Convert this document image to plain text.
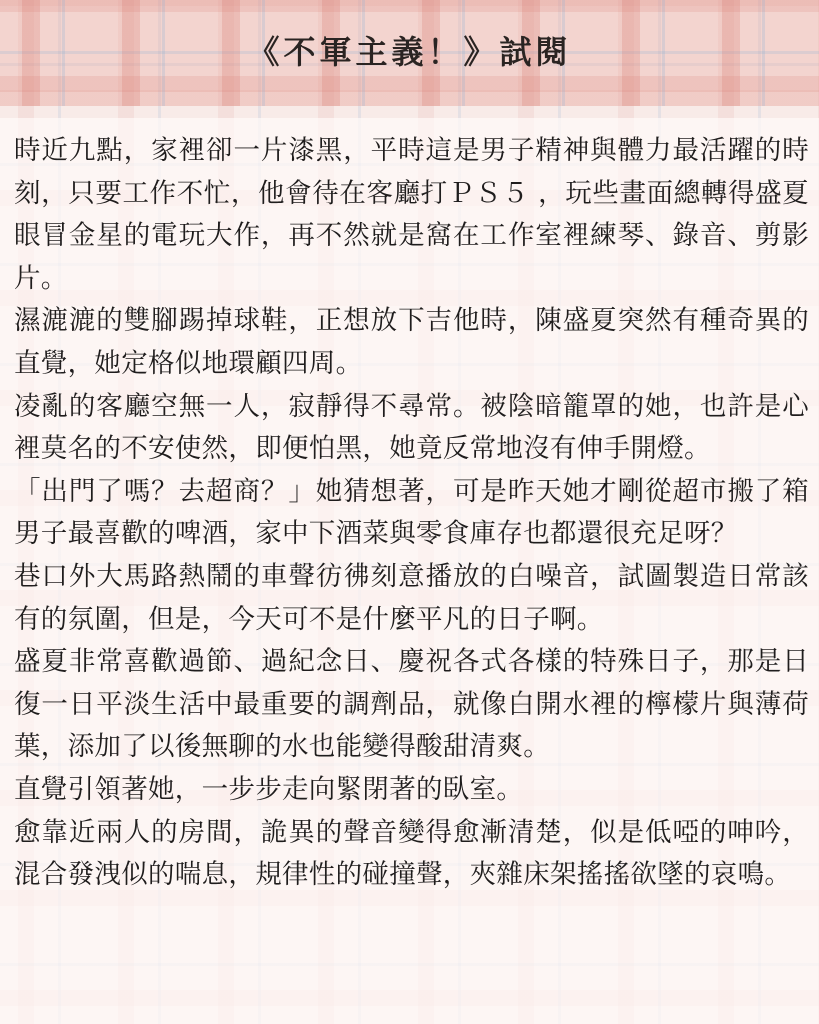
《不軍主義！》試閱

時近九點，家裡卻一片漆黑，平時這是男子精神與體力最活躍的時刻，只要工作不忙，他會待在客廳打ＰＳ５ ，玩些畫面總轉得盛夏眼冒金星的電玩大作，再不然就是窩在工作室裡練琴、錄音、剪影片。

濕漉漉的雙腳踢掉球鞋，正想放下吉他時，陳盛夏突然有種奇異的直覺，她定格似地環顧四周。

凌亂的客廳空無一人，寂靜得不尋常。被陰暗籠罩的她，也許是心裡莫名的不安使然，即便怕黑，她竟反常地沒有伸手開燈。

「出門了嗎？去超商？」她猜想著，可是昨天她才剛從超市搬了箱男子最喜歡的啤酒，家中下酒菜與零食庫存也都還很充足呀？

巷口外大馬路熱鬧的車聲彷彿刻意播放的白噪音，試圖製造日常該有的氛圍，但是，今天可不是什麼平凡的日子啊。

盛夏非常喜歡過節、過紀念日、慶祝各式各樣的特殊日子，那是日復一日平淡生活中最重要的調劑品，就像白開水裡的檸檬片與薄荷葉，添加了以後無聊的水也能變得酸甜清爽。

直覺引領著她，一步步走向緊閉著的臥室。

愈靠近兩人的房間，詭異的聲音變得愈漸清楚，似是低啞的呻吟，混合發洩似的喘息，規律性的碰撞聲，夾雜床架搖搖欲墜的哀鳴。
